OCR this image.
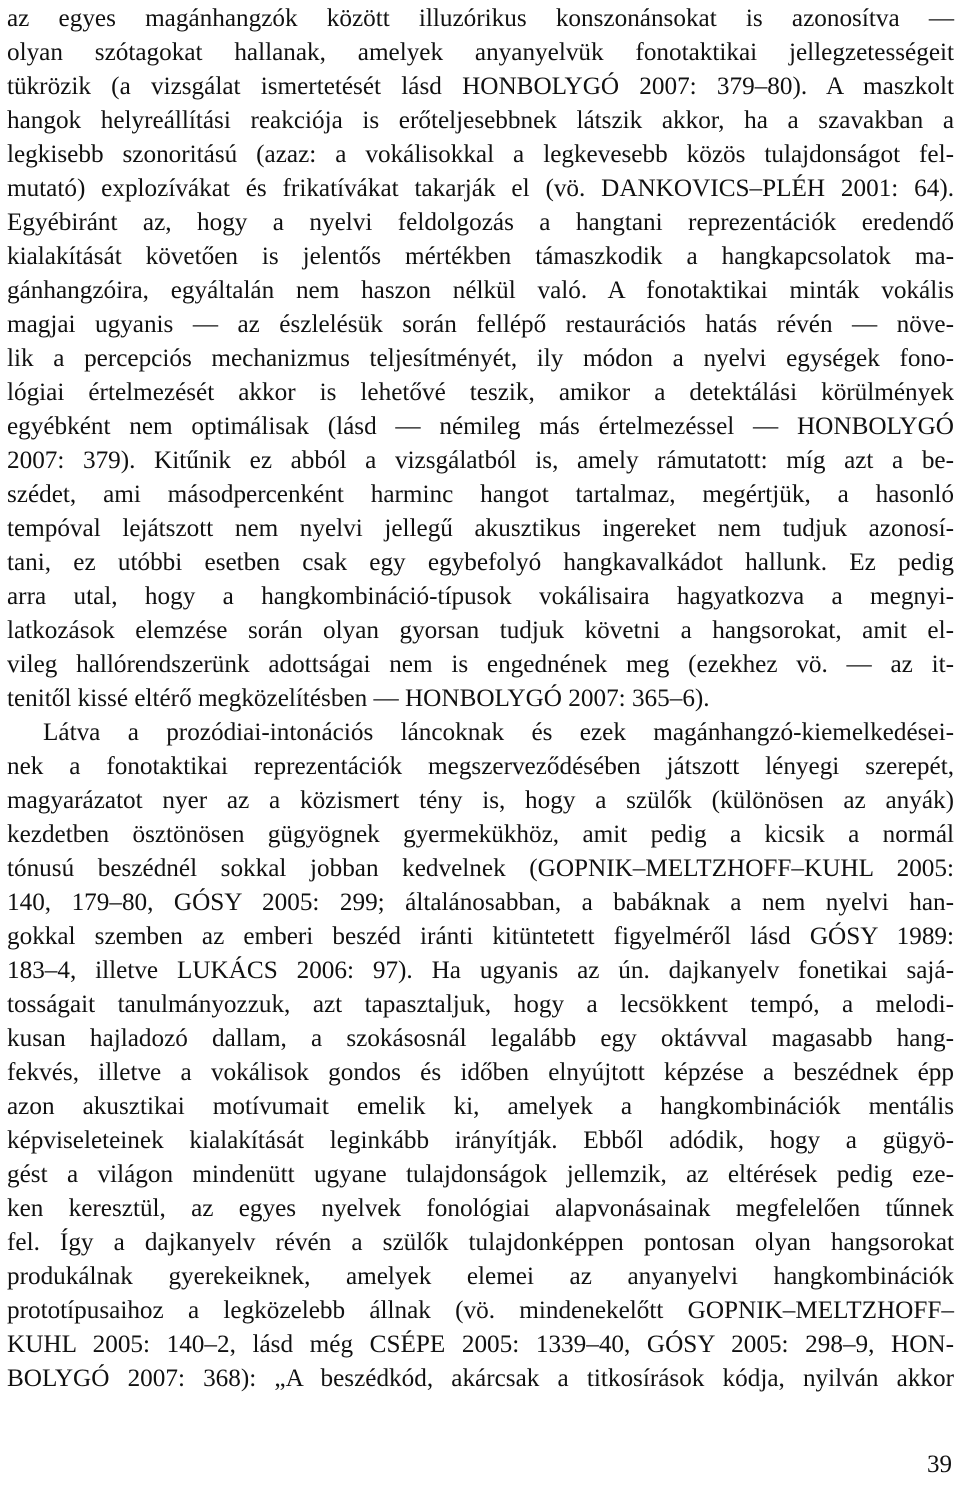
az egyes magánhangzók között illuzórikus konszonánsokat is azonosítva —
olyan szótagokat hallanak, amelyek anyanyelvük fonotaktikai jellegzetességeit
tükrözik (a vizsgálat ismertetését lásd HONBOLYGÓ 2007: 379–80). A maszkolt
hangok helyreállítási reakciója is erőteljesebbnek látszik akkor, ha a szavakban a
legkisebb szonoritású (azaz: a vokálisokkal a legkevesebb közös tulajdonságot fel-
mutató) explozívákat és frikatívákat takarják el (vö. DANKOVICS–PLÉH 2001: 64).
Egyébiránt az, hogy a nyelvi feldolgozás a hangtani reprezentációk eredendő
kialakítását követően is jelentős mértékben támaszkodik a hangkapcsolatok ma-
gánhangzóira, egyáltalán nem haszon nélkül való. A fonotaktikai minták vokális
magjai ugyanis — az észlelésük során fellépő restaurációs hatás révén — növe-
lik a percepciós mechanizmus teljesítményét, ily módon a nyelvi egységek fono-
lógiai értelmezését akkor is lehetővé teszik, amikor a detektálási körülmények
egyébként nem optimálisak (lásd — némileg más értelmezéssel — HONBOLYGÓ
2007: 379). Kitűnik ez abból a vizsgálatból is, amely rámutatott: míg azt a be-
szédet, ami másodpercenként harminc hangot tartalmaz, megértjük, a hasonló
tempóval lejátszott nem nyelvi jellegű akusztikus ingereket nem tudjuk azonosí-
tani, ez utóbbi esetben csak egy egybefolyó hangkavalkádot hallunk. Ez pedig
arra utal, hogy a hangkombináció-típusok vokálisaira hagyatkozva a megnyi-
latkozások elemzése során olyan gyorsan tudjuk követni a hangsorokat, amit el-
vileg hallórendszerünk adottságai nem is engednének meg (ezekhez vö. — az it-
tenitől kissé eltérő megközelítésben — HONBOLYGÓ 2007: 365–6).
Látva a prozódiai-intonációs láncoknak és ezek magánhangzó-kiemelkedései-
nek a fonotaktikai reprezentációk megszerveződésében játszott lényegi szerepét,
magyarázatot nyer az a közismert tény is, hogy a szülők (különösen az anyák)
kezdetben ösztönösen gügyögnek gyermekükhöz, amit pedig a kicsik a normál
tónusú beszédnél sokkal jobban kedvelnek (GOPNIK–MELTZHOFF–KUHL 2005:
140, 179–80, GÓSY 2005: 299; általánosabban, a babáknak a nem nyelvi han-
gokkal szemben az emberi beszéd iránti kitüntetett figyelméről lásd GÓSY 1989:
183–4, illetve LUKÁCS 2006: 97). Ha ugyanis az ún. dajkanyelv fonetikai sajá-
tosságait tanulmányozzuk, azt tapasztaljuk, hogy a lecsökkent tempó, a melodi-
kusan hajladozó dallam, a szokásosnál legalább egy oktávval magasabb hang-
fekvés, illetve a vokálisok gondos és időben elnyújtott képzése a beszédnek épp
azon akusztikai motívumait emelik ki, amelyek a hangkombinációk mentális
képviseleteinek kialakítását leginkább irányítják. Ebből adódik, hogy a gügyö-
gést a világon mindenütt ugyane tulajdonságok jellemzik, az eltérések pedig eze-
ken keresztül, az egyes nyelvek fonológiai alapvonásainak megfelelően tűnnek
fel. Így a dajkanyelv révén a szülők tulajdonképpen pontosan olyan hangsorokat
produkálnak gyerekeiknek, amelyek elemei az anyanyelvi hangkombinációk
prototípusaihoz a legközelebb állnak (vö. mindenekelőtt GOPNIK–MELTZHOFF–
KUHL 2005: 140–2, lásd még CSÉPE 2005: 1339–40, GÓSY 2005: 298–9, HON-
BOLYGÓ 2007: 368): „A beszédkód, akárcsak a titkosírások kódja, nyilván akkor
39
